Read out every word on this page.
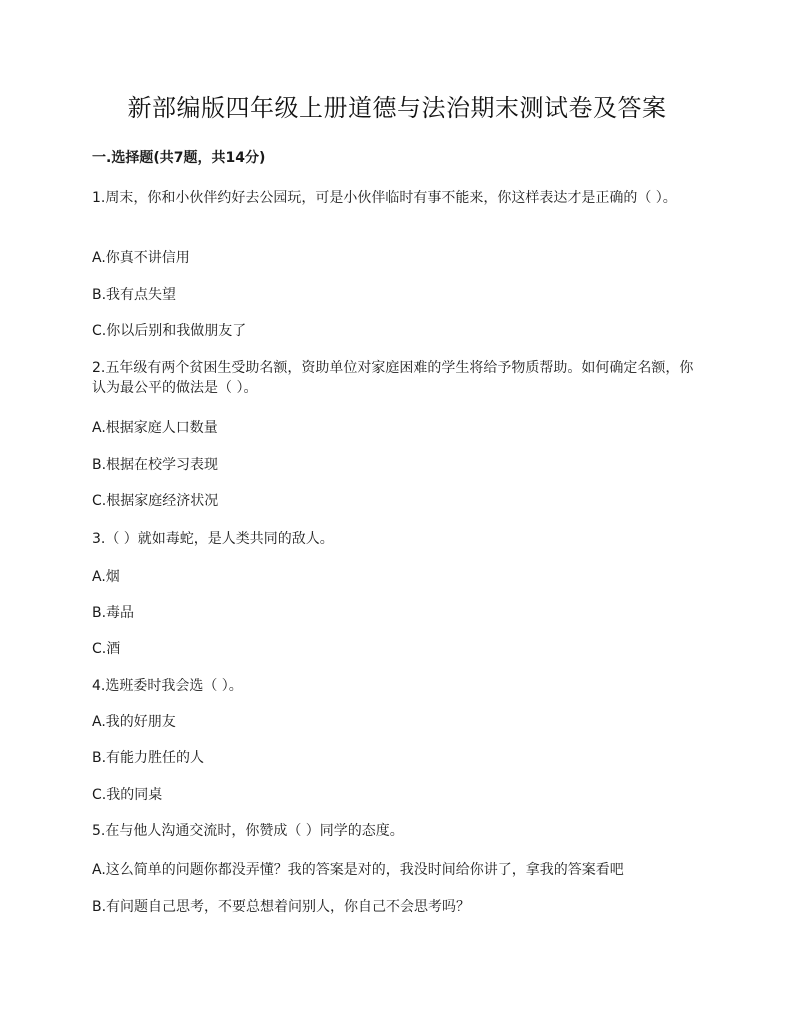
新部编版四年级上册道德与法治期末测试卷及答案
一.选择题(共7题，共14分)

1.周末，你和小伙伴约好去公园玩，可是小伙伴临时有事不能来，你这样表达才是正确的（ ）。

A.你真不讲信用
B.我有点失望
C.你以后别和我做朋友了

2.五年级有两个贫困生受助名额，资助单位对家庭困难的学生将给予物质帮助。如何确定名额，你认为最公平的做法是（ ）。

A.根据家庭人口数量
B.根据在校学习表现
C.根据家庭经济状况

3.（ ）就如毒蛇，是人类共同的敌人。

A.烟
B.毒品
C.酒

4.选班委时我会选（ ）。

A.我的好朋友
B.有能力胜任的人
C.我的同桌

5.在与他人沟通交流时，你赞成（ ）同学的态度。

A.这么简单的问题你都没弄懂？我的答案是对的，我没时间给你讲了，拿我的答案看吧
B.有问题自己思考，不要总想着问别人，你自己不会思考吗？
